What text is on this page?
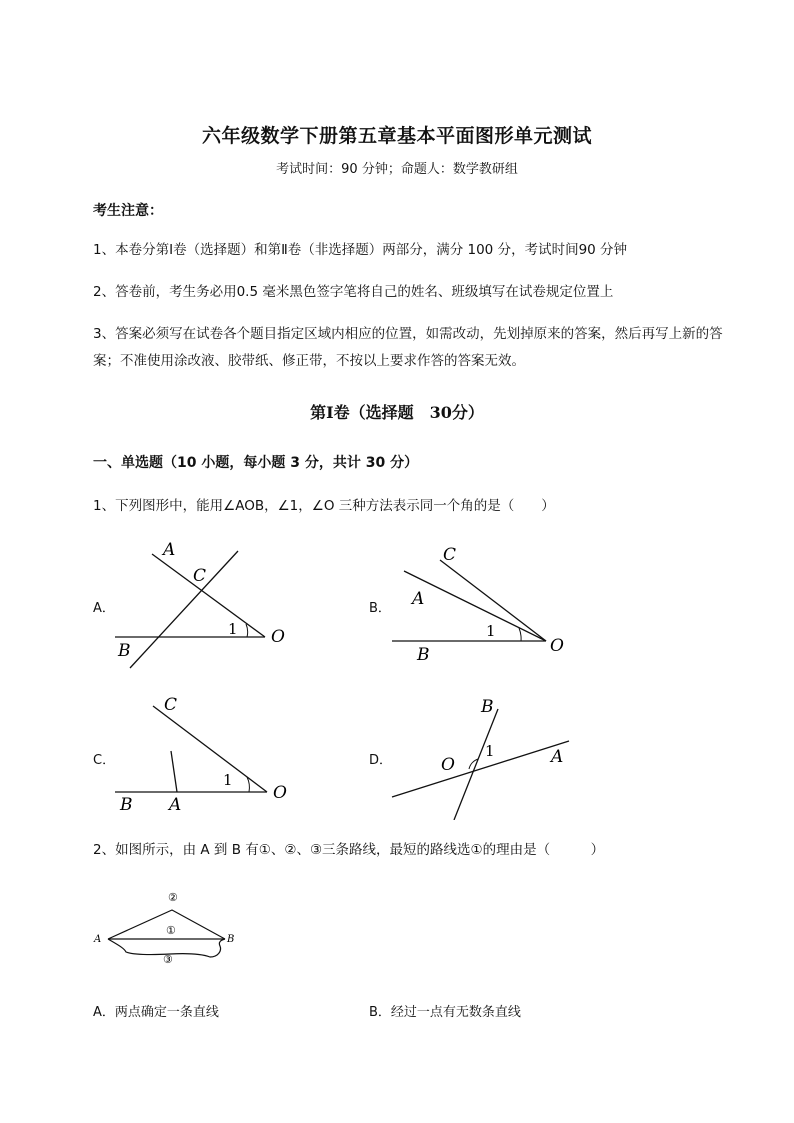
六年级数学下册第五章基本平面图形单元测试
考试时间：90 分钟；命题人：数学教研组
考生注意：
1、本卷分第Ⅰ卷（选择题）和第Ⅱ卷（非选择题）两部分，满分 100 分，考试时间90 分钟
2、答卷前，考生务必用0.5 毫米黑色签字笔将自己的姓名、班级填写在试卷规定位置上
3、答案必须写在试卷各个题目指定区域内相应的位置，如需改动，先划掉原来的答案，然后再写上新的答案；不准使用涂改液、胶带纸、修正带，不按以上要求作答的答案无效。
第Ⅰ卷（选择题　30分）
一、单选题（10 小题，每小题 3 分，共计 30 分）
1、下列图形中，能用∠AOB，∠1，∠O 三种方法表示同一个角的是（　　）
A．
A
C
B
O
1
B．
C
A
B	O
1
C．
C
B A
O
1
D．
B
O	A
1
2、如图所示，由 A 到 B 有①、②、③三条路线，最短的路线选①的理由是（　　　）
A	B
②
①
③
A．两点确定一条直线	B．经过一点有无数条直线
